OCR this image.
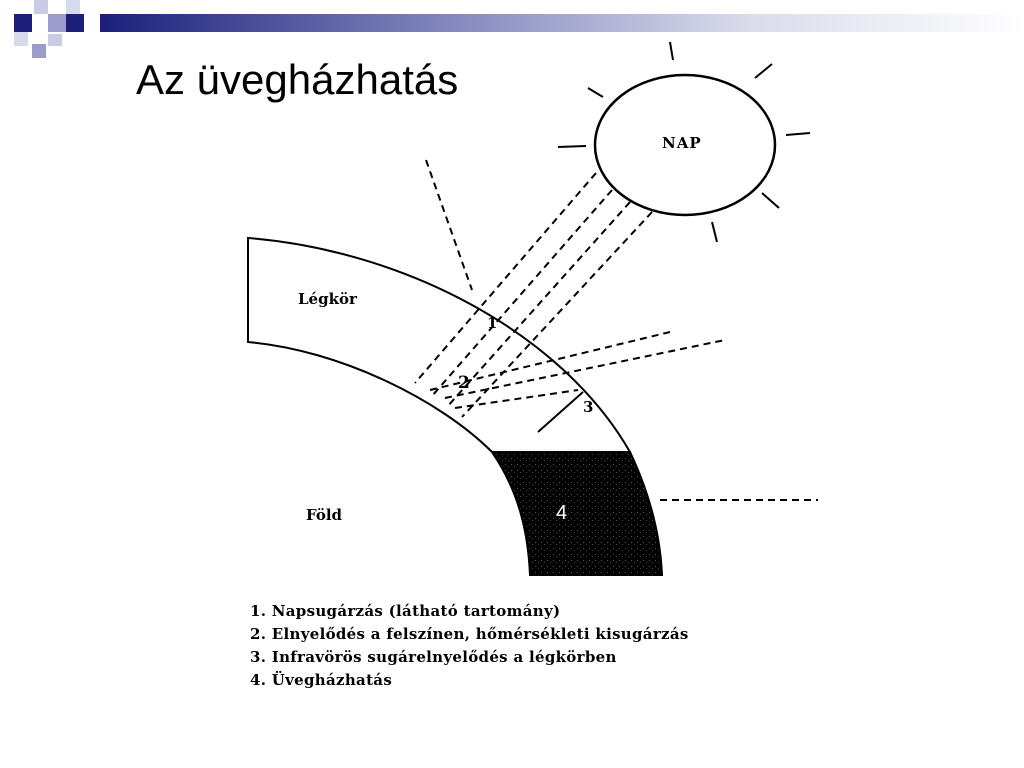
Az üvegházhatás
NAP
Légkör
Föld
1
2
3
4
1. Napsugárzás (látható tartomány)
2. Elnyelődés a felszínen, hőmérsékleti kisugárzás
3. Infravörös sugárelnyelődés a légkörben
4. Üvegházhatás
